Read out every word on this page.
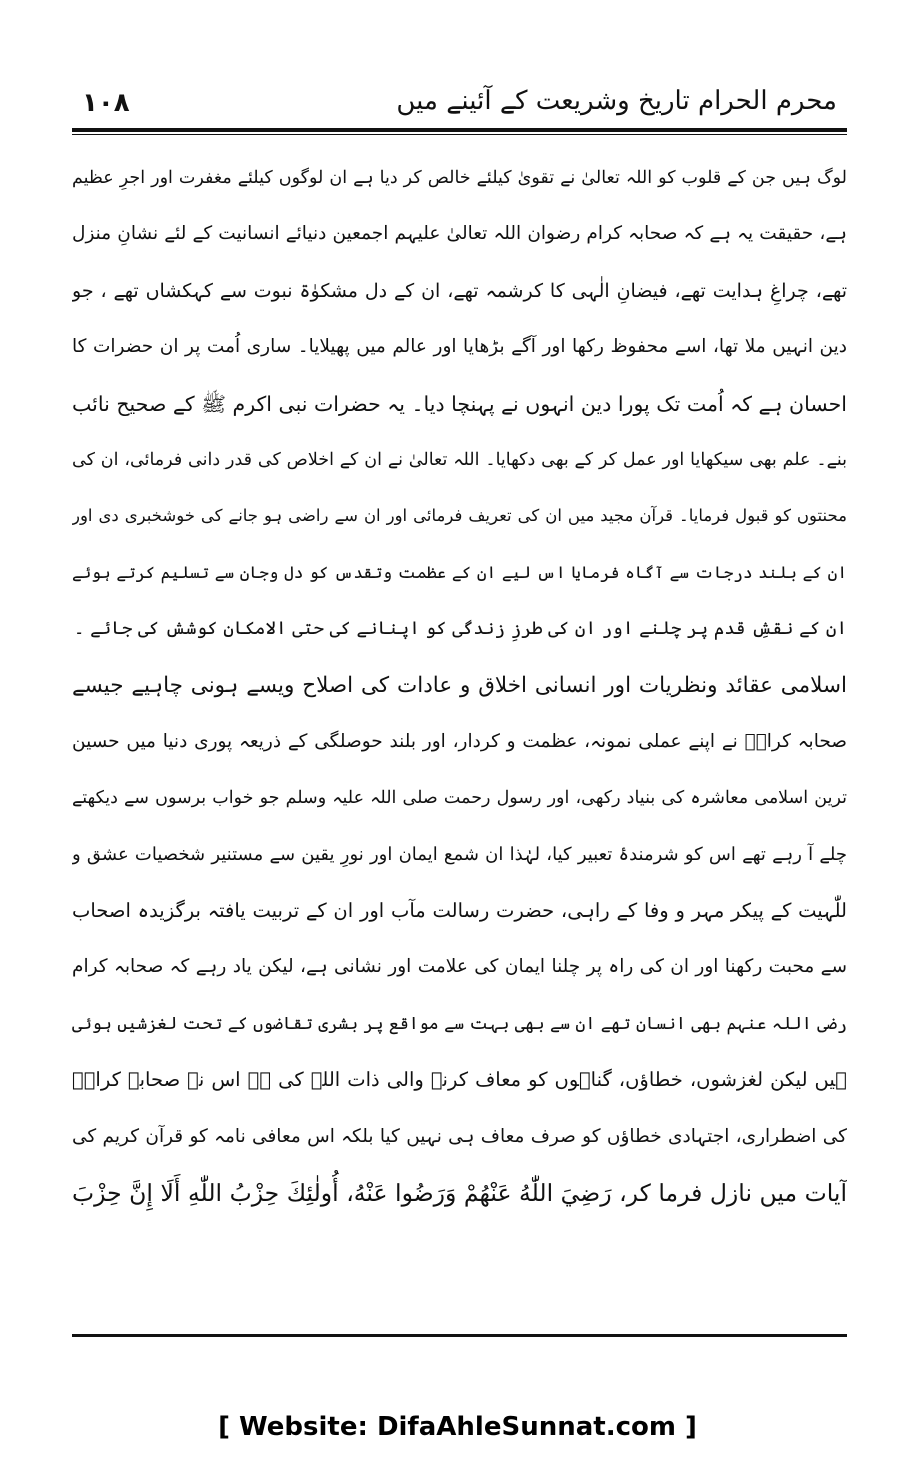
١٠٨	محرم الحرام تاریخ وشریعت کے آئینے میں
لوگ ہیں جن کے قلوب کو اللہ تعالیٰ نے تقویٰ کیلئے خالص کر دیا ہے ان لوگوں کیلئے مغفرت اور اجرِ عظیم
ہے، حقیقت یہ ہے کہ صحابہ کرام رضوان اللہ تعالیٰ علیہم اجمعین دنیائے انسانیت کے لئے نشانِ منزل
تھے، چراغِ ہدایت تھے، فیضانِ الٰہی کا کرشمہ تھے، ان کے دل مشکوٰۃ نبوت سے کہکشاں تھے ، جو
دین انہیں ملا تھا، اسے محفوظ رکھا اور آگے بڑھایا اور عالم میں پھیلایا۔ ساری اُمت پر ان حضرات کا
احسان ہے کہ اُمت تک پورا دین انہوں نے پہنچا دیا۔ یہ حضرات نبی اکرم ﷺ کے صحیح نائب
بنے۔ علم بھی سیکھایا اور عمل کر کے بھی دکھایا۔ اللہ تعالیٰ نے ان کے اخلاص کی قدر دانی فرمائی، ان کی
محنتوں کو قبول فرمایا۔ قرآن مجید میں ان کی تعریف فرمائی اور ان سے راضی ہو جانے کی خوشخبری دی اور
ان کے بلند درجات سے آگاہ فرمایا اس لیے ان کے عظمت وتقدس کو دل وجان سے تسلیم کرتے ہوئے
ان کے نقشِ قدم پر چلنے اور ان کی طرزِ زندگی کو اپنانے کی حتی الامکان کوشش کی جائے ۔
اسلامی عقائد ونظریات اور انسانی اخلاق و عادات کی اصلاح ویسے ہونی چاہیے جیسے
صحابہ کرامؓ نے اپنے عملی نمونہ، عظمت و کردار، اور بلند حوصلگی کے ذریعہ پوری دنیا میں حسین
ترین اسلامی معاشرہ کی بنیاد رکھی، اور رسول رحمت صلی اللہ علیہ وسلم جو خواب برسوں سے دیکھتے
چلے آ رہے تھے اس کو شرمندۂ تعبیر کیا، لہٰذا ان شمع ایمان اور نورِ یقین سے مستنیر شخصیات عشق و
للّٰہیت کے پیکر مہر و وفا کے راہی، حضرت رسالت مآب اور ان کے تربیت یافتہ برگزیدہ اصحاب
سے محبت رکھنا اور ان کی راہ پر چلنا ایمان کی علامت اور نشانی ہے، لیکن یاد رہے کہ صحابہ کرام
رضی اللہ عنہم بھی انسان تھے ان سے بھی بہت سے مواقع پر بشری تقاضوں کے تحت لغزشیں ہوئی
ہیں لیکن لغزشوں، خطاؤں، گناہوں کو معاف کرنے والی ذات اللہ کی ہے اس نے صحابہ کرامؓ
کی اضطراری، اجتہادی خطاؤں کو صرف معاف ہی نہیں کیا بلکہ اس معافی نامہ کو قرآن کریم کی
آیات میں نازل فرما کر، رَضِيَ اللّٰهُ عَنْهُمْ وَرَضُوا عَنْهُ، أُولٰئِكَ حِزْبُ اللّٰهِ أَلَا إِنَّ حِزْبَ
[ Website: DifaAhleSunnat.com ]
